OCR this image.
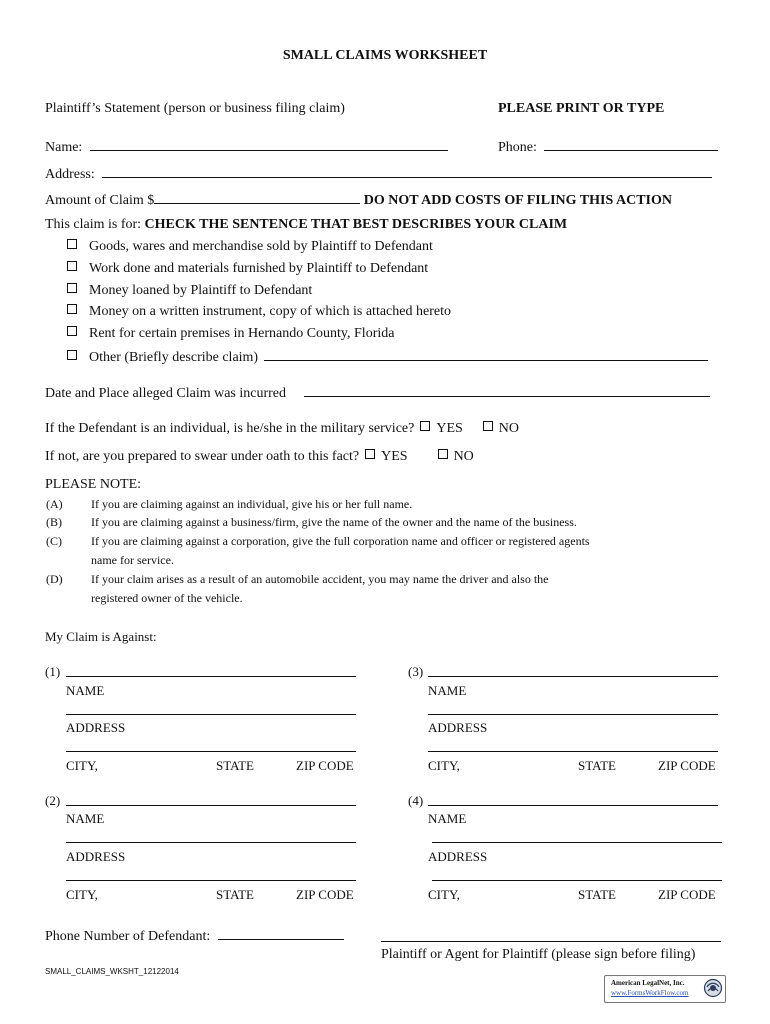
SMALL CLAIMS WORKSHEET
Plaintiff’s Statement (person or business filing claim)	PLEASE PRINT OR TYPE
Name:	Phone:
Address:
Amount of Claim $	DO NOT ADD COSTS OF FILING THIS ACTION
This claim is for: CHECK THE SENTENCE THAT BEST DESCRIBES YOUR CLAIM
Goods, wares and merchandise sold by Plaintiff to Defendant
Work done and materials furnished by Plaintiff to Defendant
Money loaned by Plaintiff to Defendant
Money on a written instrument, copy of which is attached hereto
Rent for certain premises in Hernando County, Florida
Other (Briefly describe claim)
Date and Place alleged Claim was incurred
If the Defendant is an individual, is he/she in the military service? YES	NO
If not, are you prepared to swear under oath to this fact? YES	NO
PLEASE NOTE:
(A) If you are claiming against an individual, give his or her full name.
(B) If you are claiming against a business/firm, give the name of the owner and the name of the business.
(C) If you are claiming against a corporation, give the full corporation name and officer or registered agents
name for service.
(D) If your claim arises as a result of an automobile accident, you may name the driver and also the
registered owner of the vehicle.
My Claim is Against:
(1)
NAME
ADDRESS
CITY,	STATE	ZIP CODE
(3)
NAME
ADDRESS
CITY,	STATE	ZIP CODE
(2)
NAME
ADDRESS
CITY,	STATE	ZIP CODE
(4)
NAME
ADDRESS
CITY,	STATE	ZIP CODE
Phone Number of Defendant:
Plaintiff or Agent for Plaintiff (please sign before filing)
SMALL_CLAIMS_WKSHT_12122014
American LegalNet, Inc.
www.FormsWorkFlow.com
